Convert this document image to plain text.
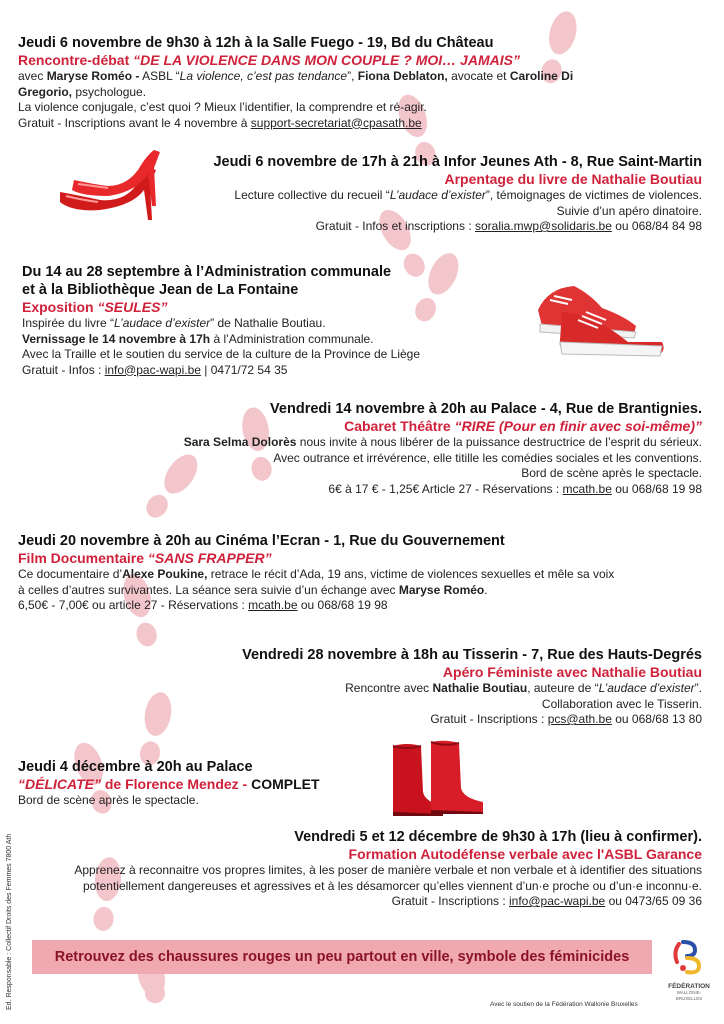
Jeudi 6 novembre de 9h30 à 12h à la Salle Fuego - 19, Bd du Château
Rencontre-débat “DE LA VIOLENCE DANS MON COUPLE ? MOI… JAMAIS”
avec Maryse Roméo - ASBL “La violence, c’est pas tendance”, Fiona Deblaton, avocate et Caroline Di Gregorio, psychologue.
La violence conjugale, c’est quoi ? Mieux l’identifier, la comprendre et ré-agir.
Gratuit - Inscriptions avant le 4 novembre à support-secretariat@cpasath.be
Jeudi 6 novembre de 17h à 21h à Infor Jeunes Ath - 8, Rue Saint-Martin
Arpentage du livre de Nathalie Boutiau
Lecture collective du recueil “L’audace d’exister”, témoignages de victimes de violences.
Suivie d’un apéro dinatoire.
Gratuit - Infos et inscriptions : soralia.mwp@solidaris.be ou 068/84 84 98
Du 14 au 28 septembre à l’Administration communale
et à la Bibliothèque Jean de La Fontaine
Exposition “SEULES”
Inspirée du livre “L’audace d’exister” de Nathalie Boutiau.
Vernissage le 14 novembre à 17h à l’Administration communale.
Avec la Traille et le soutien du service de la culture de la Province de Liège
Gratuit - Infos : info@pac-wapi.be | 0471/72 54 35
Vendredi 14 novembre à 20h au Palace - 4, Rue de Brantignies.
Cabaret Théâtre “RIRE (Pour en finir avec soi-même)”
Sara Selma Dolorès nous invite à nous libérer de la puissance destructrice de l’esprit du sérieux.
Avec outrance et irrévérence, elle titille les comédies sociales et les conventions.
Bord de scène après le spectacle.
6€ à 17 € - 1,25€ Article 27 - Réservations : mcath.be ou 068/68 19 98
Jeudi 20 novembre à 20h au Cinéma l’Ecran - 1, Rue du Gouvernement
Film Documentaire “SANS FRAPPER”
Ce documentaire d’Alexe Poukine, retrace le récit d’Ada, 19 ans, victime de violences sexuelles et mêle sa voix
à celles d’autres survivantes. La séance sera suivie d’un échange avec Maryse Roméo.
6,50€ - 7,00€ ou article 27 - Réservations : mcath.be ou 068/68 19 98
Vendredi 28 novembre à 18h au Tisserin - 7, Rue des Hauts-Degrés
Apéro Féministe avec Nathalie Boutiau
Rencontre avec Nathalie Boutiau, auteure de “L’audace d’exister”.
Collaboration avec le Tisserin.
Gratuit - Inscriptions : pcs@ath.be ou 068/68 13 80
Jeudi 4 décembre à 20h au Palace
“DÉLICATE” de Florence Mendez - COMPLET
Bord de scène après le spectacle.
Vendredi 5 et 12 décembre de 9h30 à 17h (lieu à confirmer).
Formation Autodéfense verbale avec l'ASBL Garance
Apprenez à reconnaitre vos propres limites, à les poser de manière verbale et non verbale et à identifier des situations
potentiellement dangereuses et agressives et à les désamorcer qu’elles viennent d’un·e proche ou d’un·e inconnu·e.
Gratuit - Inscriptions : info@pac-wapi.be ou 0473/65 09 36
Retrouvez des chaussures rouges un peu partout en ville, symbole des féminicides
Ed. Responsable : Collectif Droits des Femmes 7800 Ath	Avec le soutien de la Fédération Wallonie Bruxelles
FÉDÉRATION
WALLONIE-BRUXELLES
